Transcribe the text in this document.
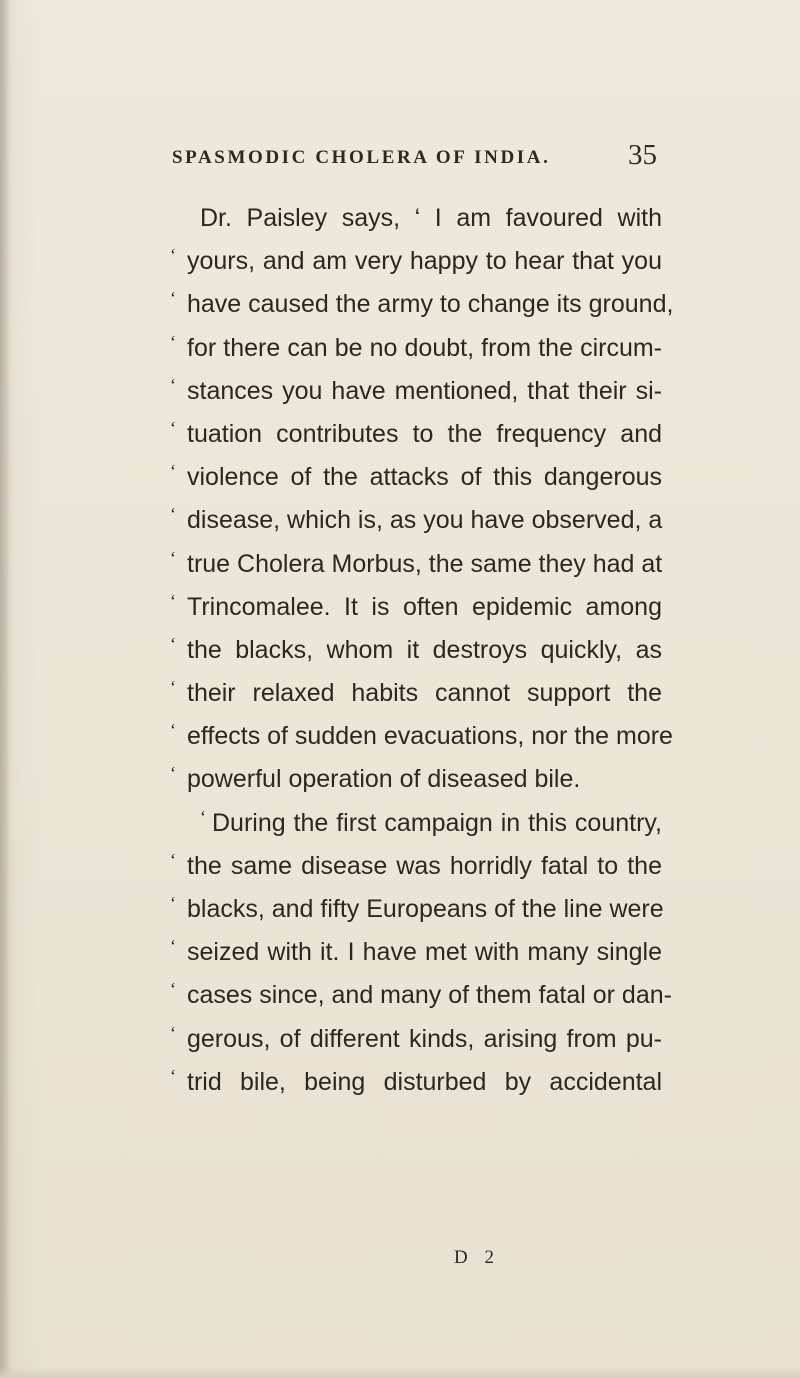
SPASMODIC CHOLERA OF INDIA.	35
Dr. Paisley says, ‘ I am favoured with
‘ yours, and am very happy to hear that you
‘ have caused the army to change its ground,
‘ for there can be no doubt, from the circum-
‘ stances you have mentioned, that their si-
‘ tuation contributes to the frequency and
‘ violence of the attacks of this dangerous
‘ disease, which is, as you have observed, a
‘ true Cholera Morbus, the same they had at
‘ Trincomalee. It is often epidemic among
‘ the blacks, whom it destroys quickly, as
‘ their relaxed habits cannot support the
‘ effects of sudden evacuations, nor the more
‘ powerful operation of diseased bile.
‘ During the first campaign in this country,
‘ the same disease was horridly fatal to the
‘ blacks, and fifty Europeans of the line were
‘ seized with it. I have met with many single
‘ cases since, and many of them fatal or dan-
‘ gerous, of different kinds, arising from pu-
‘ trid bile, being disturbed by accidental
D 2
